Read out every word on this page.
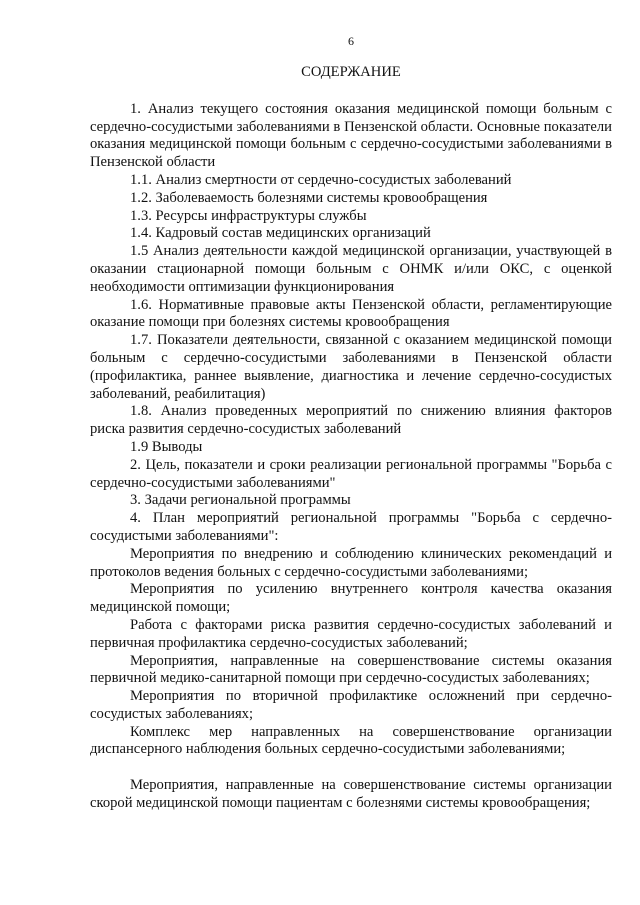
6
СОДЕРЖАНИЕ
1. Анализ текущего состояния оказания медицинской помощи больным с сердечно-сосудистыми заболеваниями в Пензенской области. Основные показатели оказания медицинской помощи больным с сердечно-сосудистыми заболеваниями в Пензенской области
1.1. Анализ смертности от сердечно-сосудистых заболеваний
1.2. Заболеваемость болезнями системы кровообращения
1.3. Ресурсы инфраструктуры службы
1.4. Кадровый состав медицинских организаций
1.5 Анализ деятельности каждой медицинской организации, участвующей в оказании стационарной помощи больным с ОНМК и/или ОКС, с оценкой необходимости оптимизации функционирования
1.6. Нормативные правовые акты Пензенской области, регламентирующие оказание помощи при болезнях системы кровообращения
1.7. Показатели деятельности, связанной с оказанием медицинской помощи больным с сердечно-сосудистыми заболеваниями в Пензенской области (профилактика, раннее выявление, диагностика и лечение сердечно-сосудистых заболеваний, реабилитация)
1.8. Анализ проведенных мероприятий по снижению влияния факторов риска развития сердечно-сосудистых заболеваний
1.9 Выводы
2. Цель, показатели и сроки реализации региональной программы "Борьба с сердечно-сосудистыми заболеваниями"
3. Задачи региональной программы
4. План мероприятий региональной программы "Борьба с сердечно-сосудистыми заболеваниями":
Мероприятия по внедрению и соблюдению клинических рекомендаций и протоколов ведения больных с сердечно-сосудистыми заболеваниями;
Мероприятия по усилению внутреннего контроля качества оказания медицинской помощи;
Работа с факторами риска развития сердечно-сосудистых заболеваний и первичная профилактика сердечно-сосудистых заболеваний;
Мероприятия, направленные на совершенствование системы оказания первичной медико-санитарной помощи при сердечно-сосудистых заболеваниях;
Мероприятия по вторичной профилактике осложнений при сердечно-сосудистых заболеваниях;
Комплекс мер направленных на совершенствование организации диспансерного наблюдения больных сердечно-сосудистыми заболеваниями;
Мероприятия, направленные на совершенствование системы организации скорой медицинской помощи пациентам с болезнями системы кровообращения;
